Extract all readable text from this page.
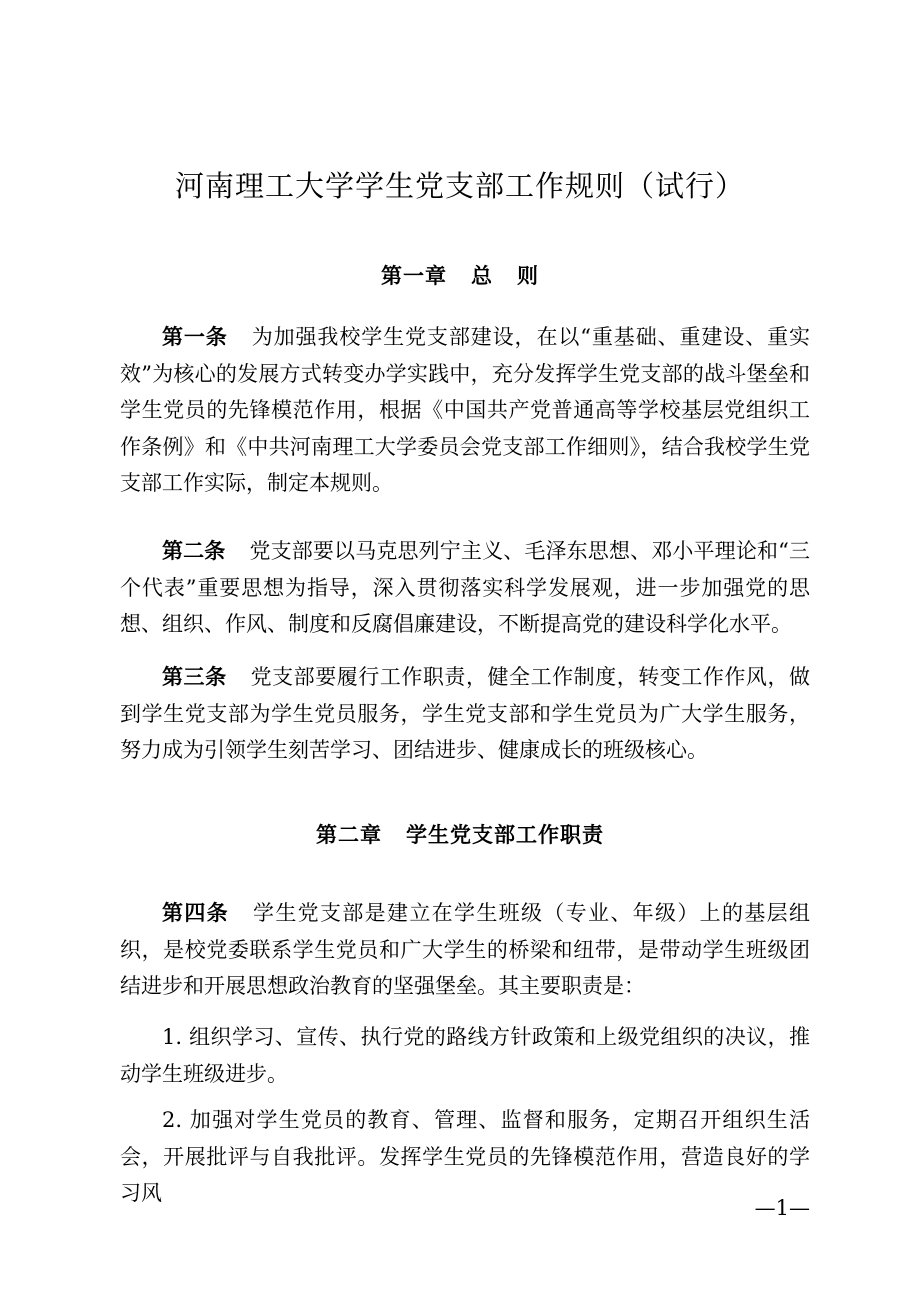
河南理工大学学生党支部工作规则（试行）
第一章 总 则

第一条 为加强我校学生党支部建设，在以“重基础、重建设、重实效”为核心的发展方式转变办学实践中，充分发挥学生党支部的战斗堡垒和学生党员的先锋模范作用，根据《中国共产党普通高等学校基层党组织工作条例》和《中共河南理工大学委员会党支部工作细则》，结合我校学生党支部工作实际，制定本规则。

第二条 党支部要以马克思列宁主义、毛泽东思想、邓小平理论和“三个代表”重要思想为指导，深入贯彻落实科学发展观，进一步加强党的思想、组织、作风、制度和反腐倡廉建设，不断提高党的建设科学化水平。

第三条 党支部要履行工作职责，健全工作制度，转变工作作风，做到学生党支部为学生党员服务，学生党支部和学生党员为广大学生服务，努力成为引领学生刻苦学习、团结进步、健康成长的班级核心。

第二章 学生党支部工作职责

第四条 学生党支部是建立在学生班级（专业、年级）上的基层组织，是校党委联系学生党员和广大学生的桥梁和纽带，是带动学生班级团结进步和开展思想政治教育的坚强堡垒。其主要职责是：

1. 组织学习、宣传、执行党的路线方针政策和上级党组织的决议，推动学生班级进步。

2. 加强对学生党员的教育、管理、监督和服务，定期召开组织生活会，开展批评与自我批评。发挥学生党员的先锋模范作用，营造良好的学习风

—1—
